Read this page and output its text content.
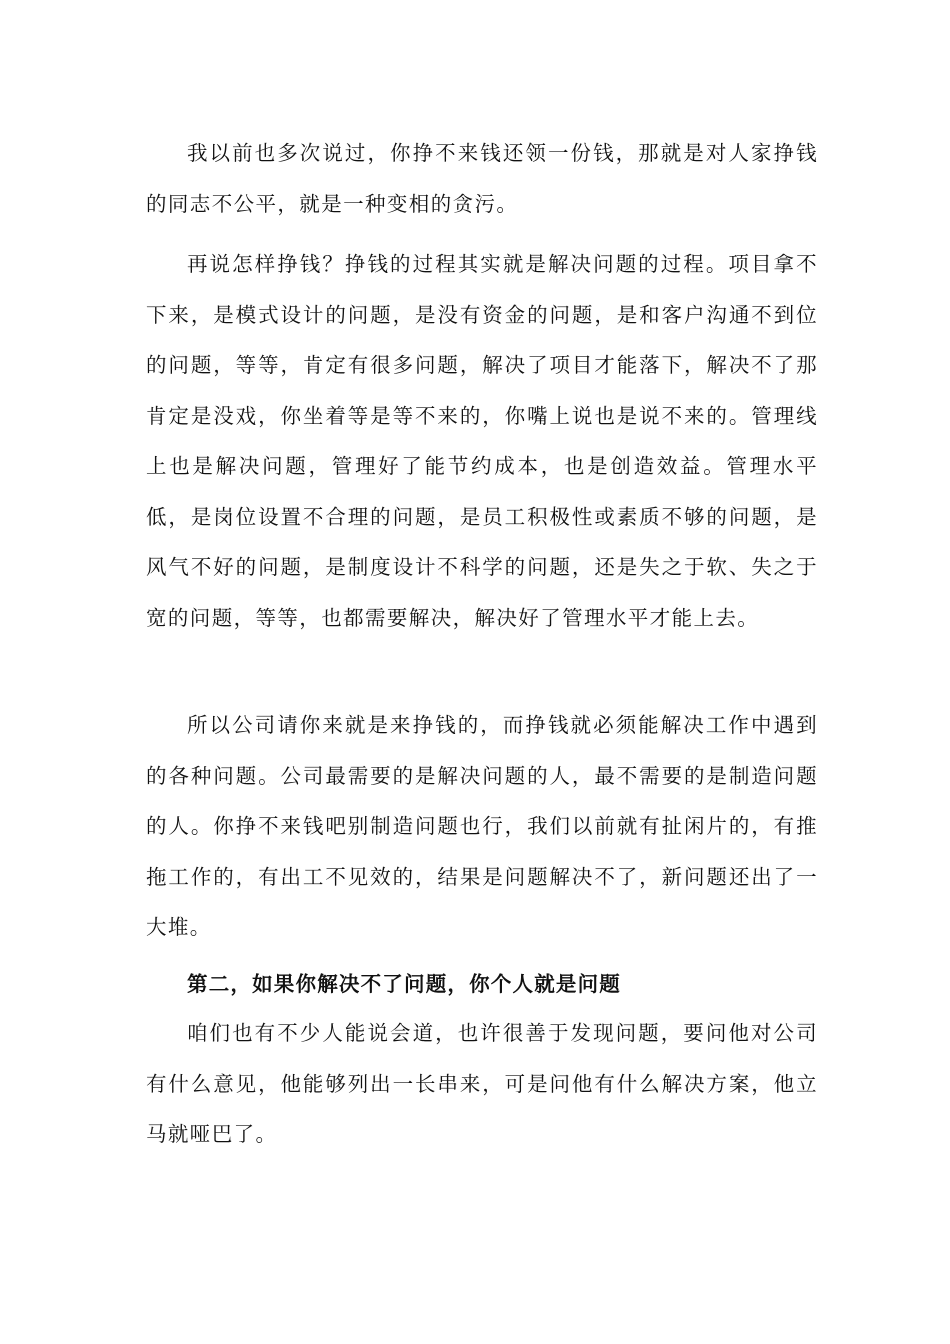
我以前也多次说过，你挣不来钱还领一份钱，那就是对人家挣钱的同志不公平，就是一种变相的贪污。

再说怎样挣钱？挣钱的过程其实就是解决问题的过程。项目拿不下来，是模式设计的问题，是没有资金的问题，是和客户沟通不到位的问题，等等，肯定有很多问题，解决了项目才能落下，解决不了那肯定是没戏，你坐着等是等不来的，你嘴上说也是说不来的。管理线上也是解决问题，管理好了能节约成本，也是创造效益。管理水平低，是岗位设置不合理的问题，是员工积极性或素质不够的问题，是风气不好的问题，是制度设计不科学的问题，还是失之于软、失之于宽的问题，等等，也都需要解决，解决好了管理水平才能上去。

所以公司请你来就是来挣钱的，而挣钱就必须能解决工作中遇到的各种问题。公司最需要的是解决问题的人，最不需要的是制造问题的人。你挣不来钱吧别制造问题也行，我们以前就有扯闲片的，有推拖工作的，有出工不见效的，结果是问题解决不了，新问题还出了一大堆。

第二，如果你解决不了问题，你个人就是问题

咱们也有不少人能说会道，也许很善于发现问题，要问他对公司有什么意见，他能够列出一长串来，可是问他有什么解决方案，他立马就哑巴了。
